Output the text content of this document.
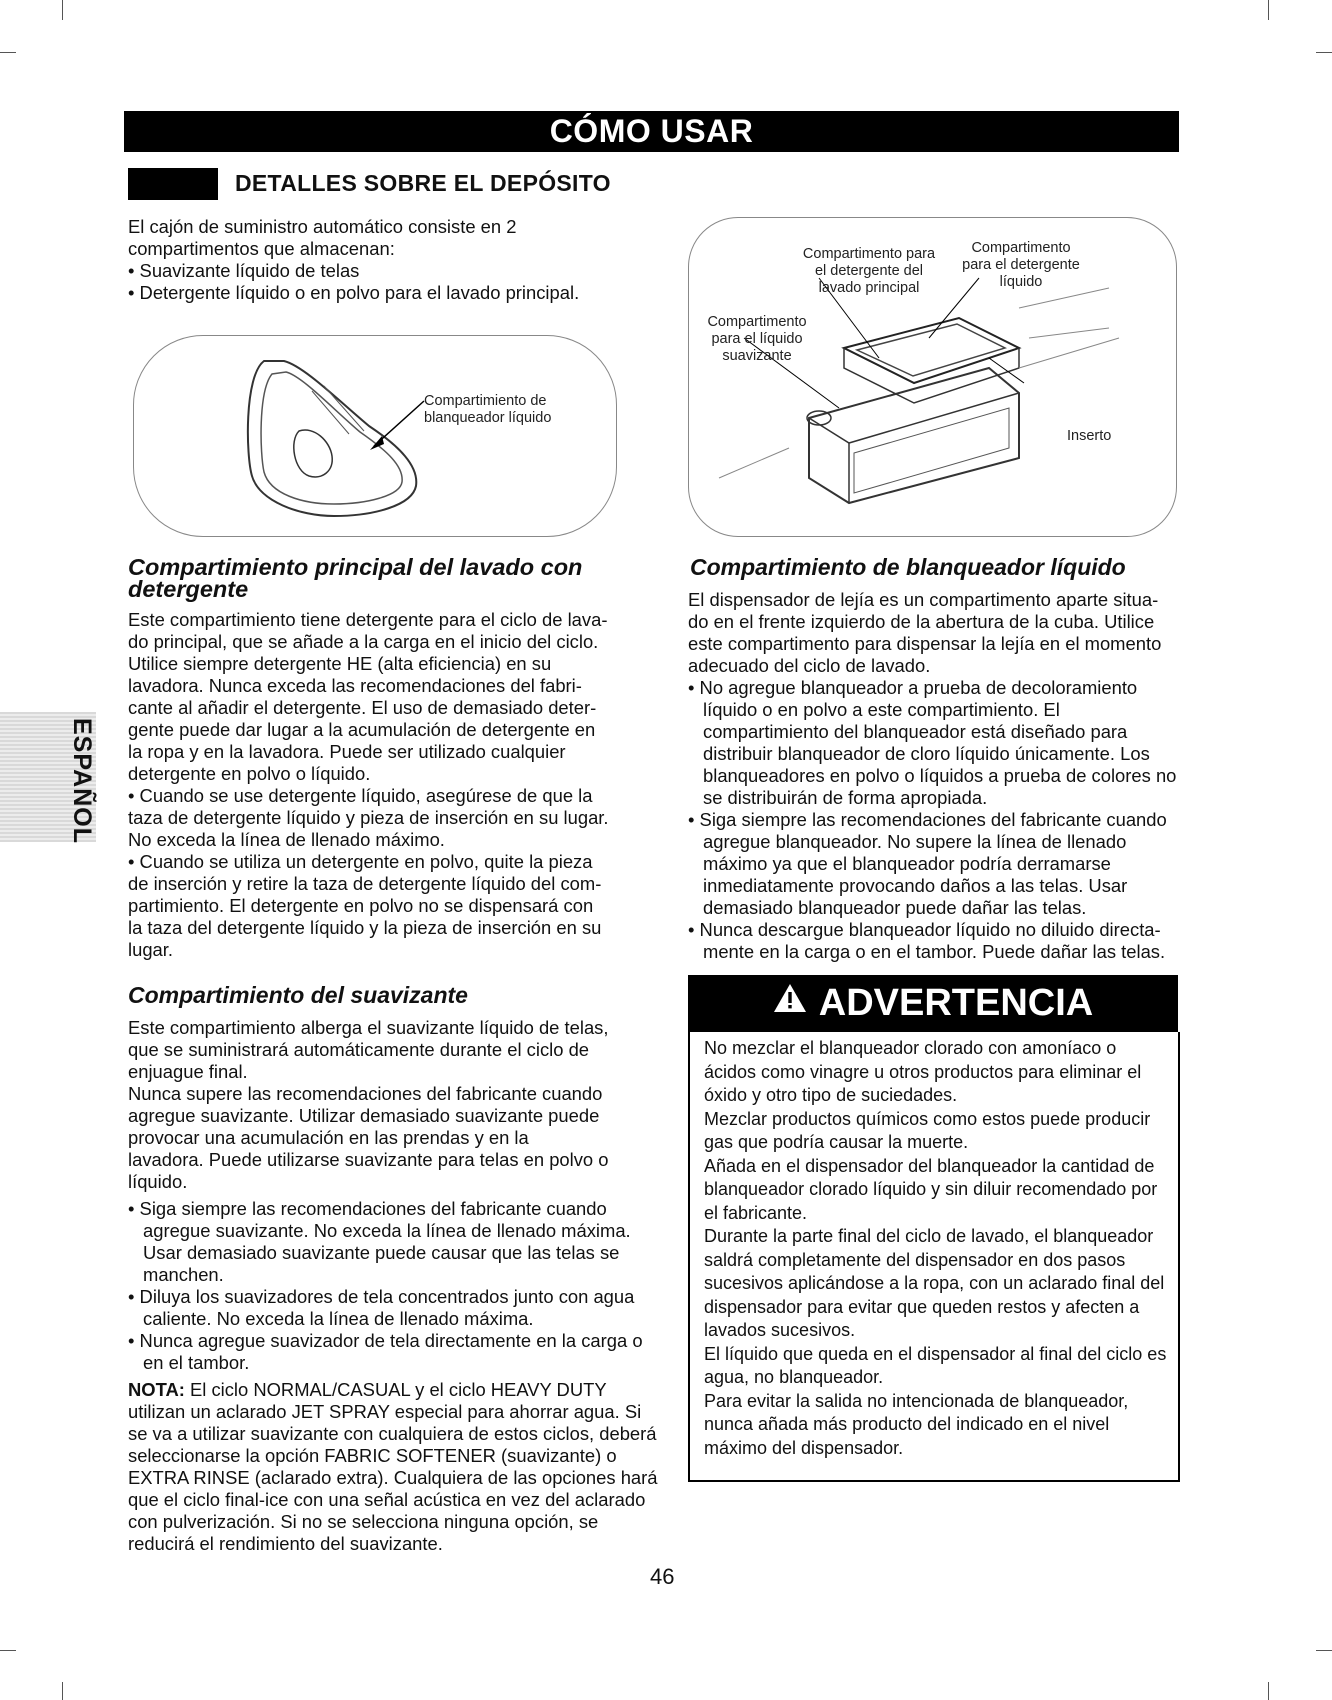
CÓMO USAR
DETALLES SOBRE EL DEPÓSITO

El cajón de suministro automático consiste en 2

compartimentos que almacenan:

• Suavizante líquido de telas

• Detergente líquido o en polvo para el lavado principal.

Compartimiento de
blanqueador líquido
Compartimento para
el detergente del
lavado principal
Compartimento
para el detergente
líquido
Compartimento
para el líquido
suavizante
Inserto
Compartimiento principal del lavado con
detergente

Este compartimiento tiene detergente para el ciclo de lava-

do principal, que se añade a la carga en el inicio del ciclo.

Utilice siempre detergente HE (alta eficiencia) en su

lavadora. Nunca exceda las recomendaciones del fabri-

cante al añadir el detergente. El uso de demasiado deter-

gente puede dar lugar a la acumulación de detergente en

la ropa y en la lavadora. Puede ser utilizado cualquier

detergente en polvo o líquido.

• Cuando se use detergente líquido, asegúrese de que la

taza de detergente líquido y pieza de inserción en su lugar.

No exceda la línea de llenado máximo.

• Cuando se utiliza un detergente en polvo, quite la pieza

de inserción y retire la taza de detergente líquido del com-

partimiento. El detergente en polvo no se dispensará con

la taza del detergente líquido y la pieza de inserción en su

lugar.

Compartimiento del suavizante

Este compartimiento alberga el suavizante líquido de telas,

que se suministrará automáticamente durante el ciclo de

enjuague final.

Nunca supere las recomendaciones del fabricante cuando

agregue suavizante. Utilizar demasiado suavizante puede

provocar una acumulación en las prendas y en la

lavadora. Puede utilizarse suavizante para telas en polvo o

líquido.

• Siga siempre las recomendaciones del fabricante cuando agregue suavizante. No exceda la línea de llenado máxima. Usar demasiado suavizante puede causar que las telas se manchen.

• Diluya los suavizadores de tela concentrados junto con agua caliente. No exceda la línea de llenado máxima.

• Nunca agregue suavizador de tela directamente en la carga o en el tambor.

NOTA: El ciclo NORMAL/CASUAL y el ciclo HEAVY DUTY utilizan un aclarado JET SPRAY especial para ahorrar agua. Si se va a utilizar suavizante con cualquiera de estos ciclos, deberá seleccionarse la opción FABRIC SOFTENER (suavizante) o EXTRA RINSE (aclarado extra). Cualquiera de las opciones hará que el ciclo final-ice con una señal acústica en vez del aclarado con pulverización. Si no se selecciona ninguna opción, se reducirá el rendimiento del suavizante.

Compartimiento de blanqueador líquido

El dispensador de lejía es un compartimento aparte situa-do en el frente izquierdo de la abertura de la cuba. Utilice este compartimento para dispensar la lejía en el momento adecuado del ciclo de lavado.

• No agregue blanqueador a prueba de decoloramiento líquido o en polvo a este compartimiento. El compartimiento del blanqueador está diseñado para distribuir blanqueador de cloro líquido únicamente. Los blanqueadores en polvo o líquidos a prueba de colores no se distribuirán de forma apropiada.

• Siga siempre las recomendaciones del fabricante cuando agregue blanqueador. No supere la línea de llenado máximo ya que el blanqueador podría derramarse inmediatamente provocando daños a las telas. Usar demasiado blanqueador puede dañar las telas.

• Nunca descargue blanqueador líquido no diluido directa-mente en la carga o en el tambor. Puede dañar las telas.

ADVERTENCIA

No mezclar el blanqueador clorado con amoníaco o ácidos como vinagre u otros productos para eliminar el óxido y otro tipo de suciedades.

Mezclar productos químicos como estos puede producir gas que podría causar la muerte.

Añada en el dispensador del blanqueador la cantidad de blanqueador clorado líquido y sin diluir recomendado por el fabricante.

Durante la parte final del ciclo de lavado, el blanqueador saldrá completamente del dispensador en dos pasos sucesivos aplicándose a la ropa, con un aclarado final del dispensador para evitar que queden restos y afecten a lavados sucesivos.

El líquido que queda en el dispensador al final del ciclo es agua, no blanqueador.

Para evitar la salida no intencionada de blanqueador, nunca añada más producto del indicado en el nivel máximo del dispensador.

ESPAÑOL
46
